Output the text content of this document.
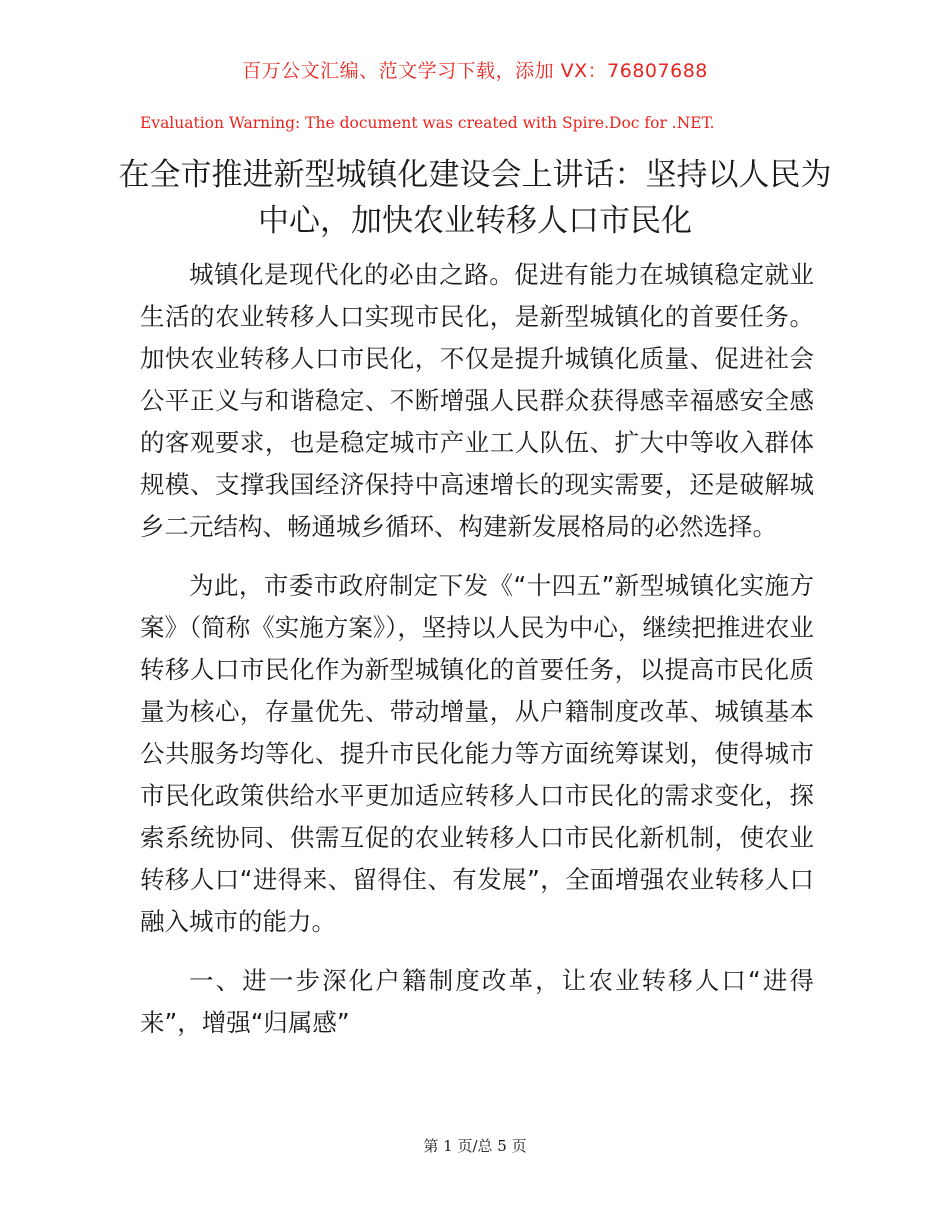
百万公文汇编、范文学习下载，添加 VX：76807688
Evaluation Warning: The document was created with Spire.Doc for .NET.
在全市推进新型城镇化建设会上讲话：坚持以人民为中心，加快农业转移人口市民化

城镇化是现代化的必由之路。促进有能力在城镇稳定就业生活的农业转移人口实现市民化，是新型城镇化的首要任务。加快农业转移人口市民化，不仅是提升城镇化质量、促进社会公平正义与和谐稳定、不断增强人民群众获得感幸福感安全感的客观要求，也是稳定城市产业工人队伍、扩大中等收入群体规模、支撑我国经济保持中高速增长的现实需要，还是破解城乡二元结构、畅通城乡循环、构建新发展格局的必然选择。

为此，市委市政府制定下发《“十四五”新型城镇化实施方案》（简称《实施方案》），坚持以人民为中心，继续把推进农业转移人口市民化作为新型城镇化的首要任务，以提高市民化质量为核心，存量优先、带动增量，从户籍制度改革、城镇基本公共服务均等化、提升市民化能力等方面统筹谋划，使得城市市民化政策供给水平更加适应转移人口市民化的需求变化，探索系统协同、供需互促的农业转移人口市民化新机制，使农业转移人口“进得来、留得住、有发展”，全面增强农业转移人口融入城市的能力。

一、进一步深化户籍制度改革，让农业转移人口“进得来”，增强“归属感”

第 1 页/总 5 页
